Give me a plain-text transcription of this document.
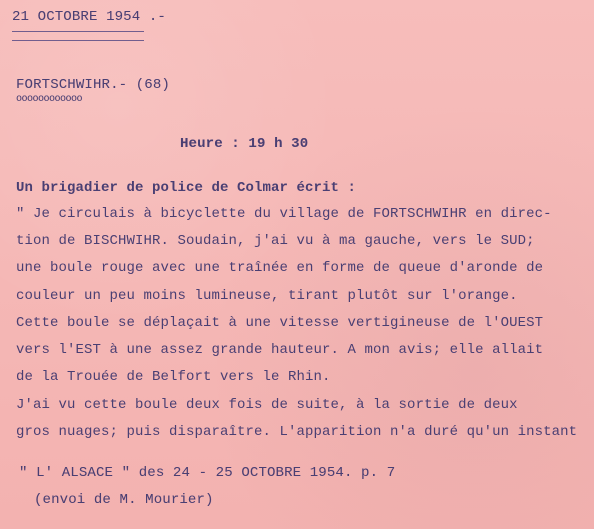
21 OCTOBRE 1954 .-
FORTSCHWIHR.- (68)
oooooooooooo
Heure : 19 h 30
Un brigadier de police de Colmar écrit :
" Je circulais à bicyclette du village de FORTSCHWIHR en direc-
tion de BISCHWIHR. Soudain, j'ai vu à ma gauche, vers le SUD;
une boule rouge avec une traînée en forme de queue d'aronde de
couleur un peu moins lumineuse, tirant plutôt sur l'orange.
Cette boule se déplaçait à une vitesse vertigineuse de l'OUEST
vers l'EST à une assez grande hauteur. A mon avis; elle allait
de la Trouée de Belfort vers le Rhin.
J'ai vu cette boule deux fois de suite, à la sortie de deux
gros nuages; puis disparaître. L'apparition n'a duré qu'un instant
" L' ALSACE " des 24 - 25 OCTOBRE 1954. p. 7
(envoi de M. Mourier)
